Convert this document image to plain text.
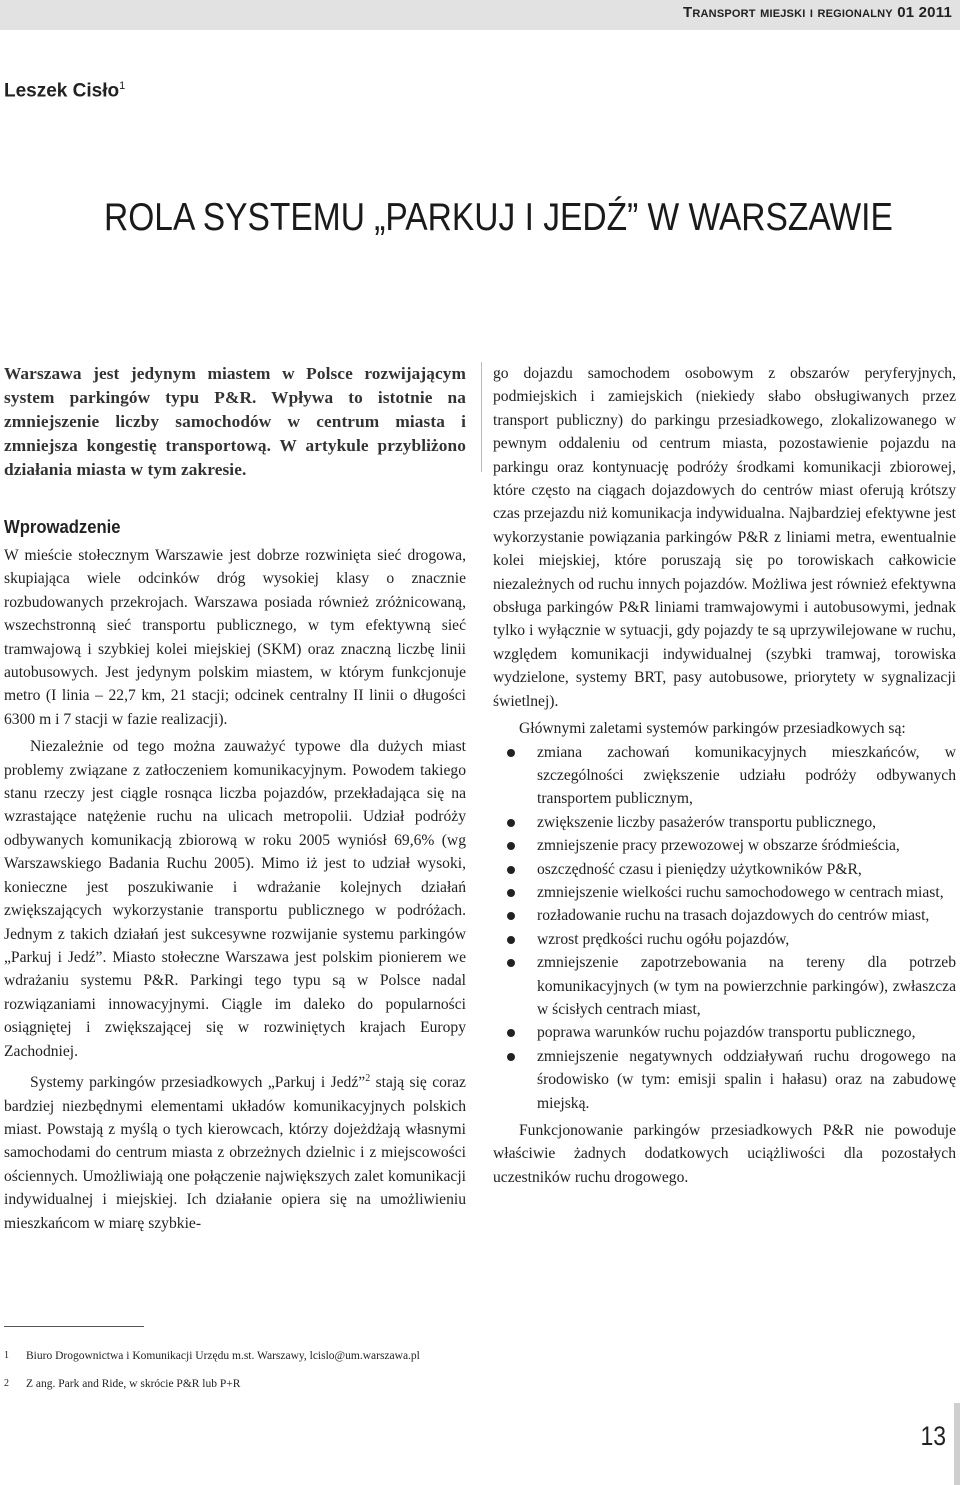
Transport miejski i regionalny 01 2011
Leszek Cisło$^1$
ROLA SYSTEMU „PARKUJ I JEDŹ” W WARSZAWIE

Warszawa jest jedynym miastem w Polsce rozwijającym system parkingów typu P&R. Wpływa to istotnie na zmniejszenie liczby samochodów w centrum miasta i zmniejsza kongestię transportową. W artykule przybliżono działania miasta w tym zakresie.

Wprowadzenie

W mieście stołecznym Warszawie jest dobrze rozwinięta sieć drogowa, skupiająca wiele odcinków dróg wysokiej klasy o znacznie rozbudowanych przekrojach. Warszawa posiada również zróżnicowaną, wszechstronną sieć transportu publicznego, w tym efektywną sieć tramwajową i szybkiej kolei miejskiej (SKM) oraz znaczną liczbę linii autobusowych. Jest jedynym polskim miastem, w którym funkcjonuje metro (I linia – 22,7 km, 21 stacji; odcinek centralny II linii o długości 6300 m i 7 stacji w fazie realizacji).

Niezależnie od tego można zauważyć typowe dla dużych miast problemy związane z zatłoczeniem komunikacyjnym. Powodem takiego stanu rzeczy jest ciągle rosnąca liczba pojazdów, przekładająca się na wzrastające natężenie ruchu na ulicach metropolii. Udział podróży odbywanych komunikacją zbiorową w roku 2005 wyniósł 69,6% (wg Warszawskiego Badania Ruchu 2005). Mimo iż jest to udział wysoki, konieczne jest poszukiwanie i wdrażanie kolejnych działań zwiększających wykorzystanie transportu publicznego w podróżach. Jednym z takich działań jest sukcesywne rozwijanie systemu parkingów „Parkuj i Jedź”. Miasto stołeczne Warszawa jest polskim pionierem we wdrażaniu systemu P&R. Parkingi tego typu są w Polsce nadal rozwiązaniami innowacyjnymi. Ciągle im daleko do popularności osiągniętej i zwiększającej się w rozwiniętych krajach Europy Zachodniej.

Systemy parkingów przesiadkowych „Parkuj i Jedź”$^2$ stają się coraz bardziej niezbędnymi elementami układów komunikacyjnych polskich miast. Powstają z myślą o tych kierowcach, którzy dojeżdżają własnymi samochodami do centrum miasta z obrzeżnych dzielnic i z miejscowości ościennych. Umożliwiają one połączenie największych zalet komunikacji indywidualnej i miejskiej. Ich działanie opiera się na umożliwieniu mieszkańcom w miarę szybkie-

go dojazdu samochodem osobowym z obszarów peryferyjnych, podmiejskich i zamiejskich (niekiedy słabo obsługiwanych przez transport publiczny) do parkingu przesiadkowego, zlokalizowanego w pewnym oddaleniu od centrum miasta, pozostawienie pojazdu na parkingu oraz kontynuację podróży środkami komunikacji zbiorowej, które często na ciągach dojazdowych do centrów miast oferują krótszy czas przejazdu niż komunikacja indywidualna. Najbardziej efektywne jest wykorzystanie powiązania parkingów P&R z liniami metra, ewentualnie kolei miejskiej, które poruszają się po torowiskach całkowicie niezależnych od ruchu innych pojazdów. Możliwa jest również efektywna obsługa parkingów P&R liniami tramwajowymi i autobusowymi, jednak tylko i wyłącznie w sytuacji, gdy pojazdy te są uprzywilejowane w ruchu, względem komunikacji indywidualnej (szybki tramwaj, torowiska wydzielone, systemy BRT, pasy autobusowe, priorytety w sygnalizacji świetlnej).

Głównymi zaletami systemów parkingów przesiadkowych są:

zmiana zachowań komunikacyjnych mieszkańców, w szczególności zwiększenie udziału podróży odbywanych transportem publicznym,
zwiększenie liczby pasażerów transportu publicznego,
zmniejszenie pracy przewozowej w obszarze śródmieścia,
oszczędność czasu i pieniędzy użytkowników P&R,
zmniejszenie wielkości ruchu samochodowego w centrach miast,
rozładowanie ruchu na trasach dojazdowych do centrów miast,
wzrost prędkości ruchu ogółu pojazdów,
zmniejszenie zapotrzebowania na tereny dla potrzeb komunikacyjnych (w tym na powierzchnie parkingów), zwłaszcza w ścisłych centrach miast,
poprawa warunków ruchu pojazdów transportu publicznego,
zmniejszenie negatywnych oddziaływań ruchu drogowego na środowisko (w tym: emisji spalin i hałasu) oraz na zabudowę miejską.

Funkcjonowanie parkingów przesiadkowych P&R nie powoduje właściwie żadnych dodatkowych uciążliwości dla pozostałych uczestników ruchu drogowego.

1 Biuro Drogownictwa i Komunikacji Urzędu m.st. Warszawy, lcislo@um.warszawa.pl
2 Z ang. Park and Ride, w skrócie P&R lub P+R
13
